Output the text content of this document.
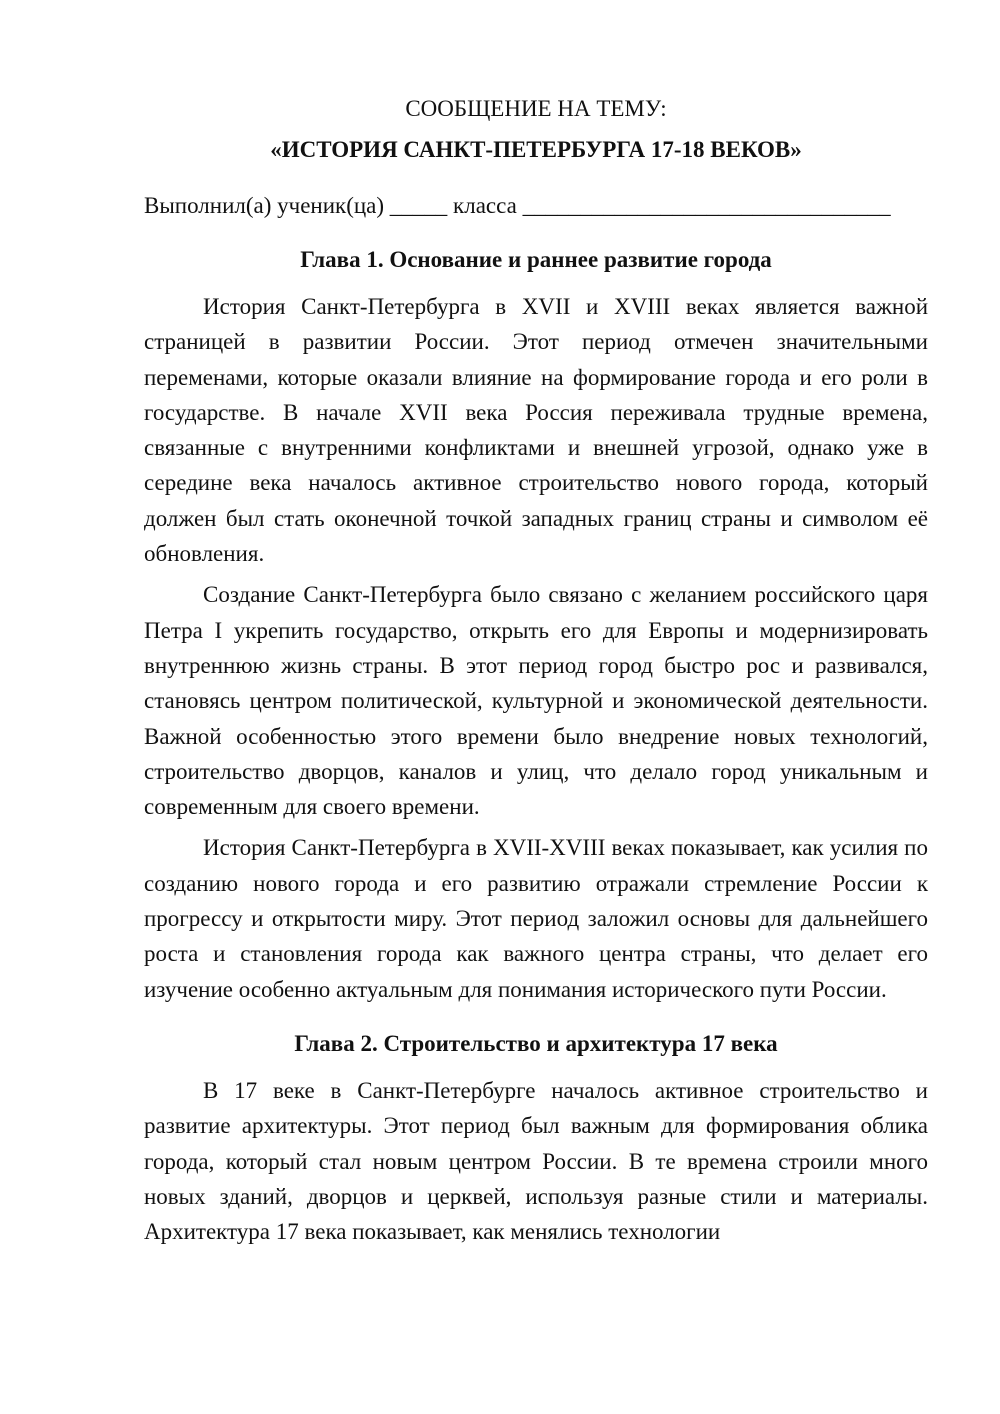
СООБЩЕНИЕ НА ТЕМУ:

«ИСТОРИЯ САНКТ-ПЕТЕРБУРГА 17-18 ВЕКОВ»

Выполнил(а) ученик(ца) _____ класса ________________________________

Глава 1. Основание и раннее развитие города

История Санкт-Петербурга в XVII и XVIII веках является важной страницей в развитии России. Этот период отмечен значительными переменами, которые оказали влияние на формирование города и его роли в государстве. В начале XVII века Россия переживала трудные времена, связанные с внутренними конфликтами и внешней угрозой, однако уже в середине века началось активное строительство нового города, который должен был стать оконечной точкой западных границ страны и символом её обновления.

Создание Санкт-Петербурга было связано с желанием российского царя Петра I укрепить государство, открыть его для Европы и модернизировать внутреннюю жизнь страны. В этот период город быстро рос и развивался, становясь центром политической, культурной и экономической деятельности. Важной особенностью этого времени было внедрение новых технологий, строительство дворцов, каналов и улиц, что делало город уникальным и современным для своего времени.

История Санкт-Петербурга в XVII-XVIII веках показывает, как усилия по созданию нового города и его развитию отражали стремление России к прогрессу и открытости миру. Этот период заложил основы для дальнейшего роста и становления города как важного центра страны, что делает его изучение особенно актуальным для понимания исторического пути России.

Глава 2. Строительство и архитектура 17 века

В 17 веке в Санкт-Петербурге началось активное строительство и развитие архитектуры. Этот период был важным для формирования облика города, который стал новым центром России. В те времена строили много новых зданий, дворцов и церквей, используя разные стили и материалы. Архитектура 17 века показывает, как менялись технологии
